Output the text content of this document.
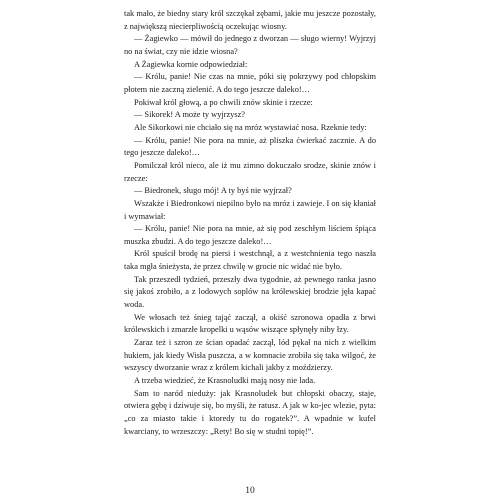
tak mało, że biedny stary król szczękał zębami, jakie mu jeszcze pozostały, z największą niecierpliwością oczekując wiosny.

— Żagiewko — mówił do jednego z dworzan — sługo wierny! Wyjrzyj no na świat, czy nie idzie wiosna?

A Żagiewka kornie odpowiedział:

— Królu, panie! Nie czas na mnie, póki się pokrzywy pod chłopskim płotem nie zaczną zielenić. A do tego jeszcze daleko!…

Pokiwał król głową, a po chwili znów skinie i rzecze:

— Sikorek! A może ty wyjrzysz?

Ale Sikorkowi nie chciało się na mróz wystawiać nosa. Rzeknie tedy:

— Królu, panie! Nie pora na mnie, aż pliszka ćwierkać zacznie. A do tego jeszcze daleko!…

Pomilczał król nieco, ale iż mu zimno dokuczało srodze, skinie znów i rzecze:

— Biedronek, sługo mój! A ty byś nie wyjrzał?

Wszakże i Biedronkowi niepilno było na mróz i zawieje. I on się kłaniał i wymawiał:

— Królu, panie! Nie pora na mnie, aż się pod zeschłym liściem śpiąca muszka zbudzi. A do tego jeszcze daleko!…

Król spuścił brodę na piersi i westchnął, a z westchnienia tego naszła taka mgła śnieżysta, że przez chwilę w grocie nic widać nie było.

Tak przeszedł tydzień, przeszły dwa tygodnie, aż pewnego ranka jasno się jakoś zrobiło, a z lodowych soplów na królewskiej brodzie jęła kapać woda.

We włosach też śnieg tająć zaczął, a okiść szronowa opadła z brwi królewskich i zmarzłe kropelki u wąsów wiszące spłynęły niby łzy.

Zaraz też i szron ze ścian opadać zaczął, lód pękał na nich z wielkim hukiem, jak kiedy Wisła puszcza, a w komnacie zrobiła się taka wilgoć, że wszyscy dworzanie wraz z królem kichali jakby z moździerzy.

A trzeba wiedzieć, że Krasnoludki mają nosy nie lada.

Sam to naród nieduży: jak Krasnoludek but chłopski obaczy, staje, otwiera gębę i dziwuje się, bo myśli, że ratusz. A jak w ko-jec wlezie, pyta: „co za miasto takie i ktoredy tu do rogatek?”. A wpadnie w kufel kwarciany, to wrzeszczy: „Rety! Bo się w studni topię!”.

10
